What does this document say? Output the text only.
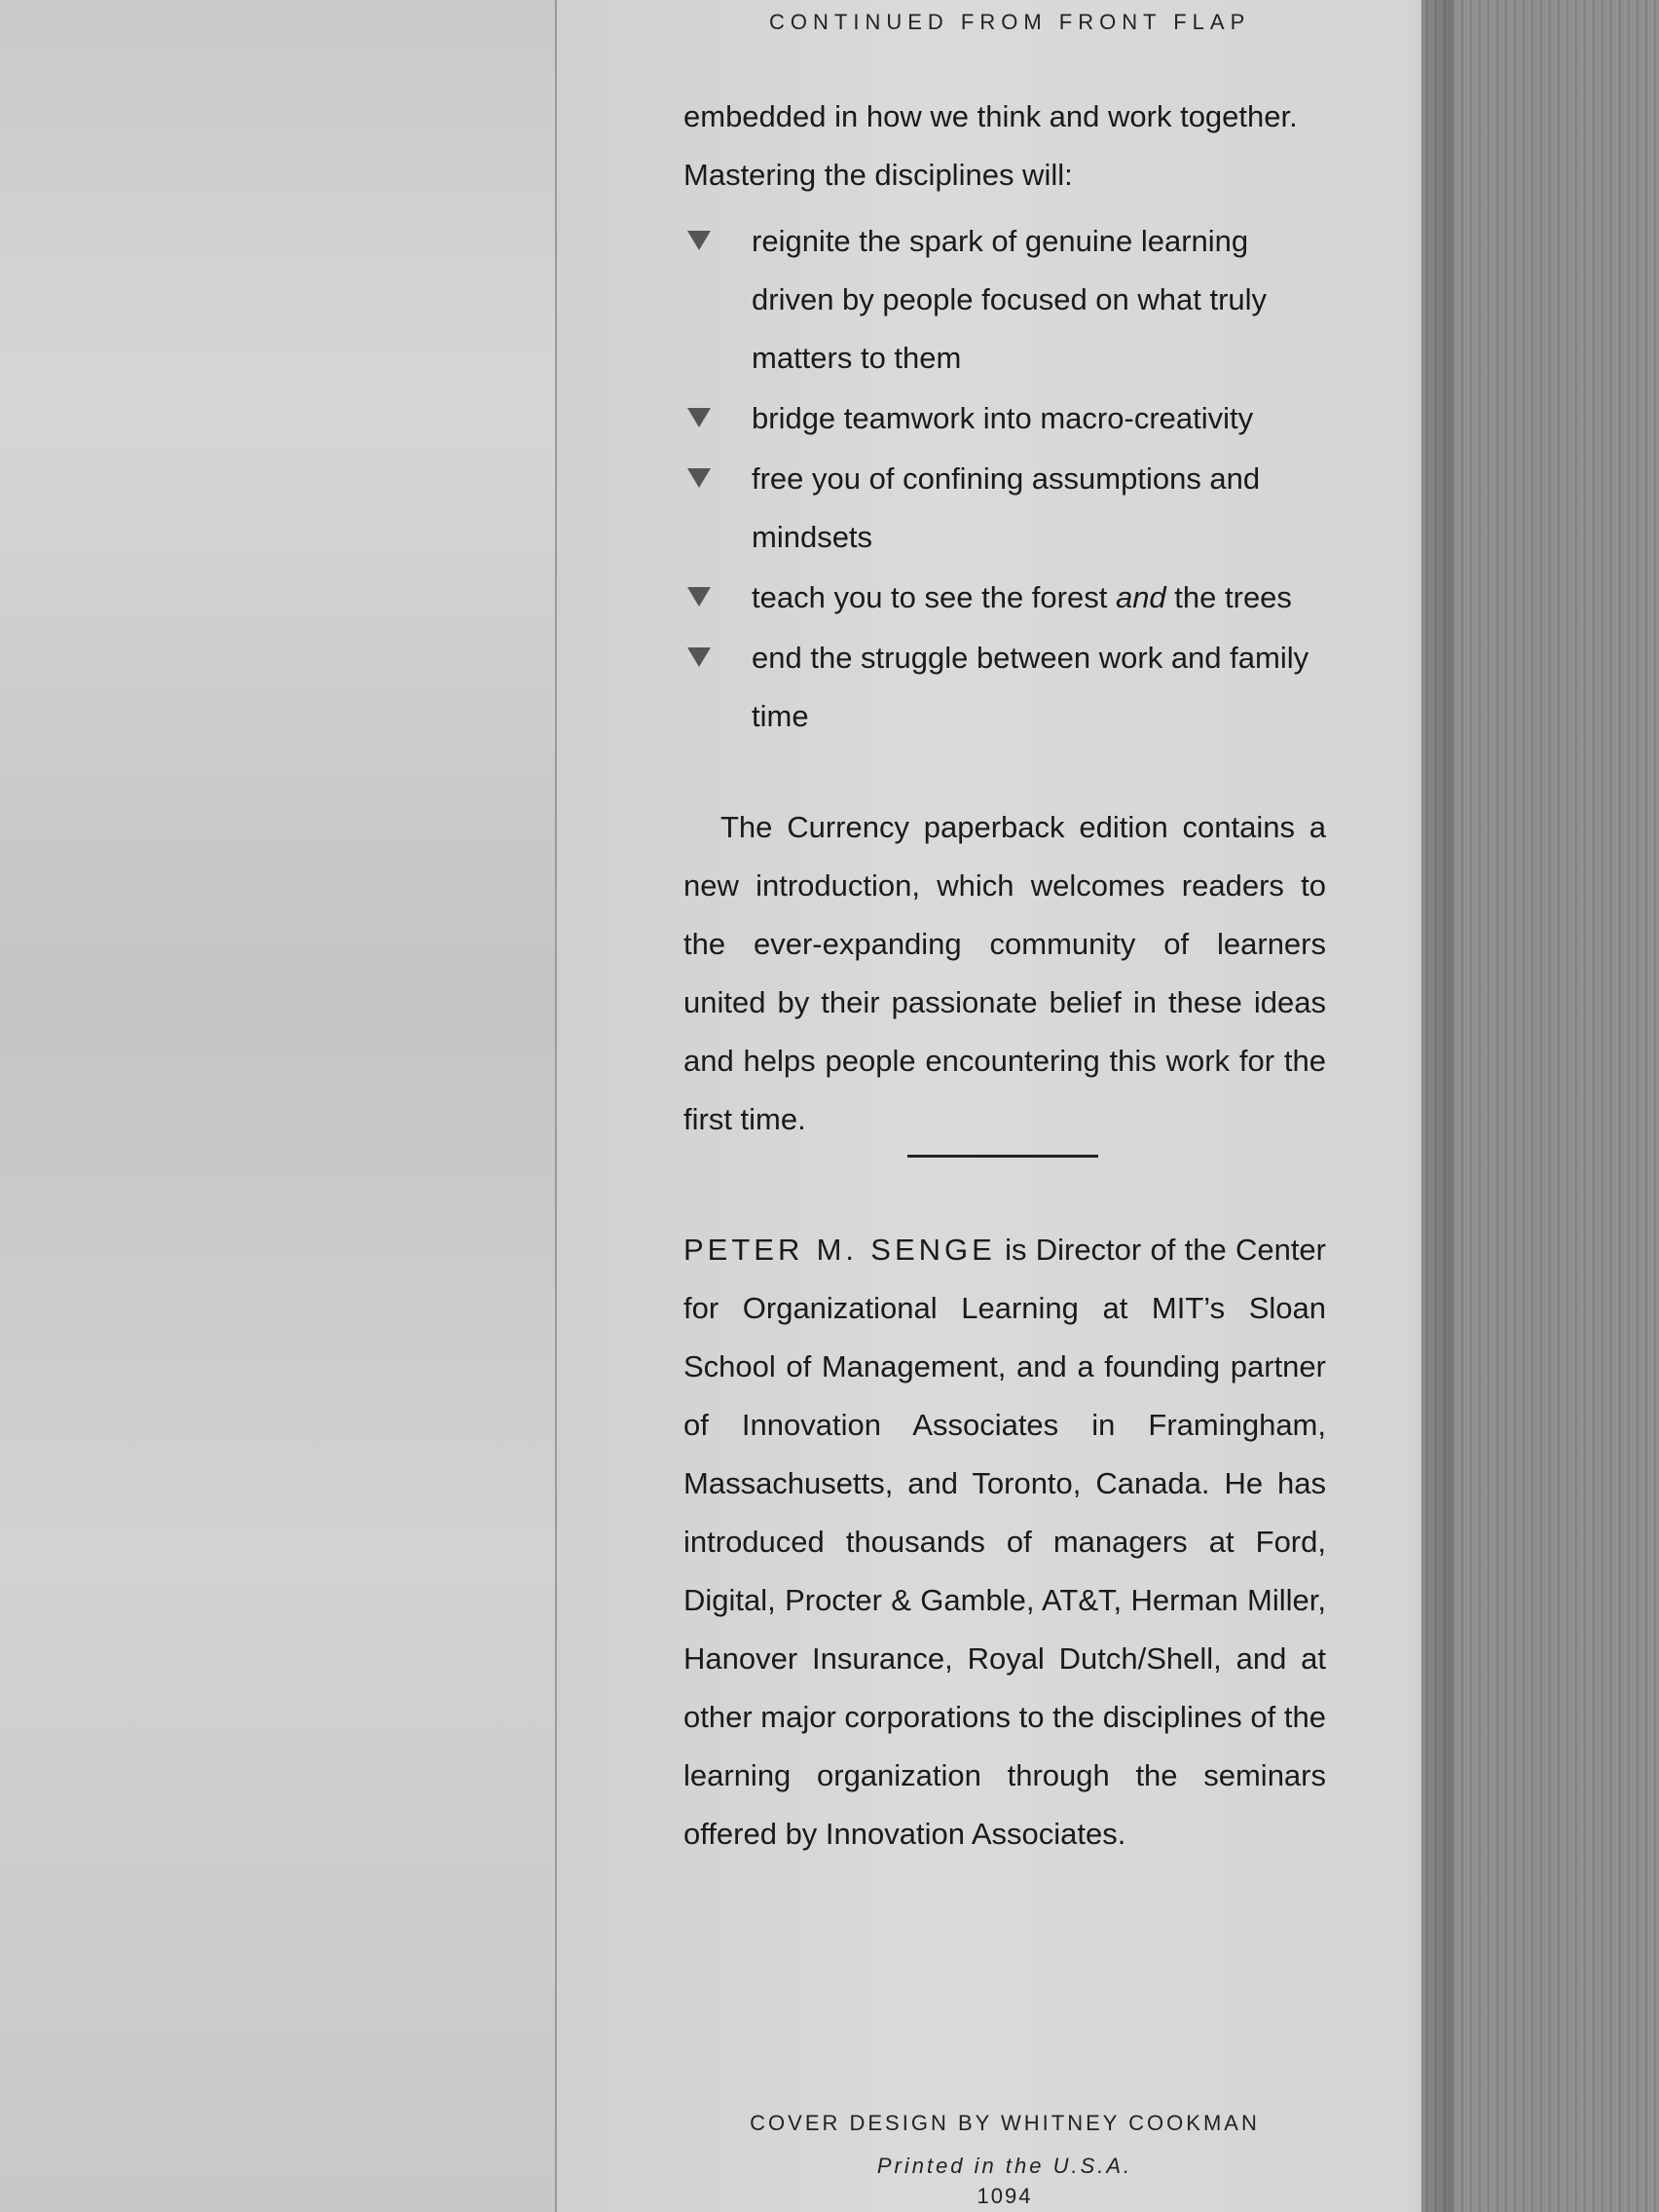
CONTINUED FROM FRONT FLAP
embedded in how we think and work together.
Mastering the disciplines will:
reignite the spark of genuine learning driven by people focused on what truly matters to them
bridge teamwork into macro-creativity
free you of confining assumptions and mindsets
teach you to see the forest and the trees
end the struggle between work and family time
The Currency paperback edition contains a new introduction, which welcomes readers to the ever-expanding community of learners united by their passionate belief in these ideas and helps people encountering this work for the first time.
PETER M. SENGE is Director of the Center for Organizational Learning at MIT’s Sloan School of Management, and a founding partner of Innovation Associates in Framingham, Massachusetts, and Toronto, Canada. He has introduced thousands of managers at Ford, Digital, Procter & Gamble, AT&T, Herman Miller, Hanover Insurance, Royal Dutch/Shell, and at other major corporations to the disciplines of the learning organization through the seminars offered by Innovation Associates.
COVER DESIGN BY WHITNEY COOKMAN
Printed in the U.S.A.
1094
